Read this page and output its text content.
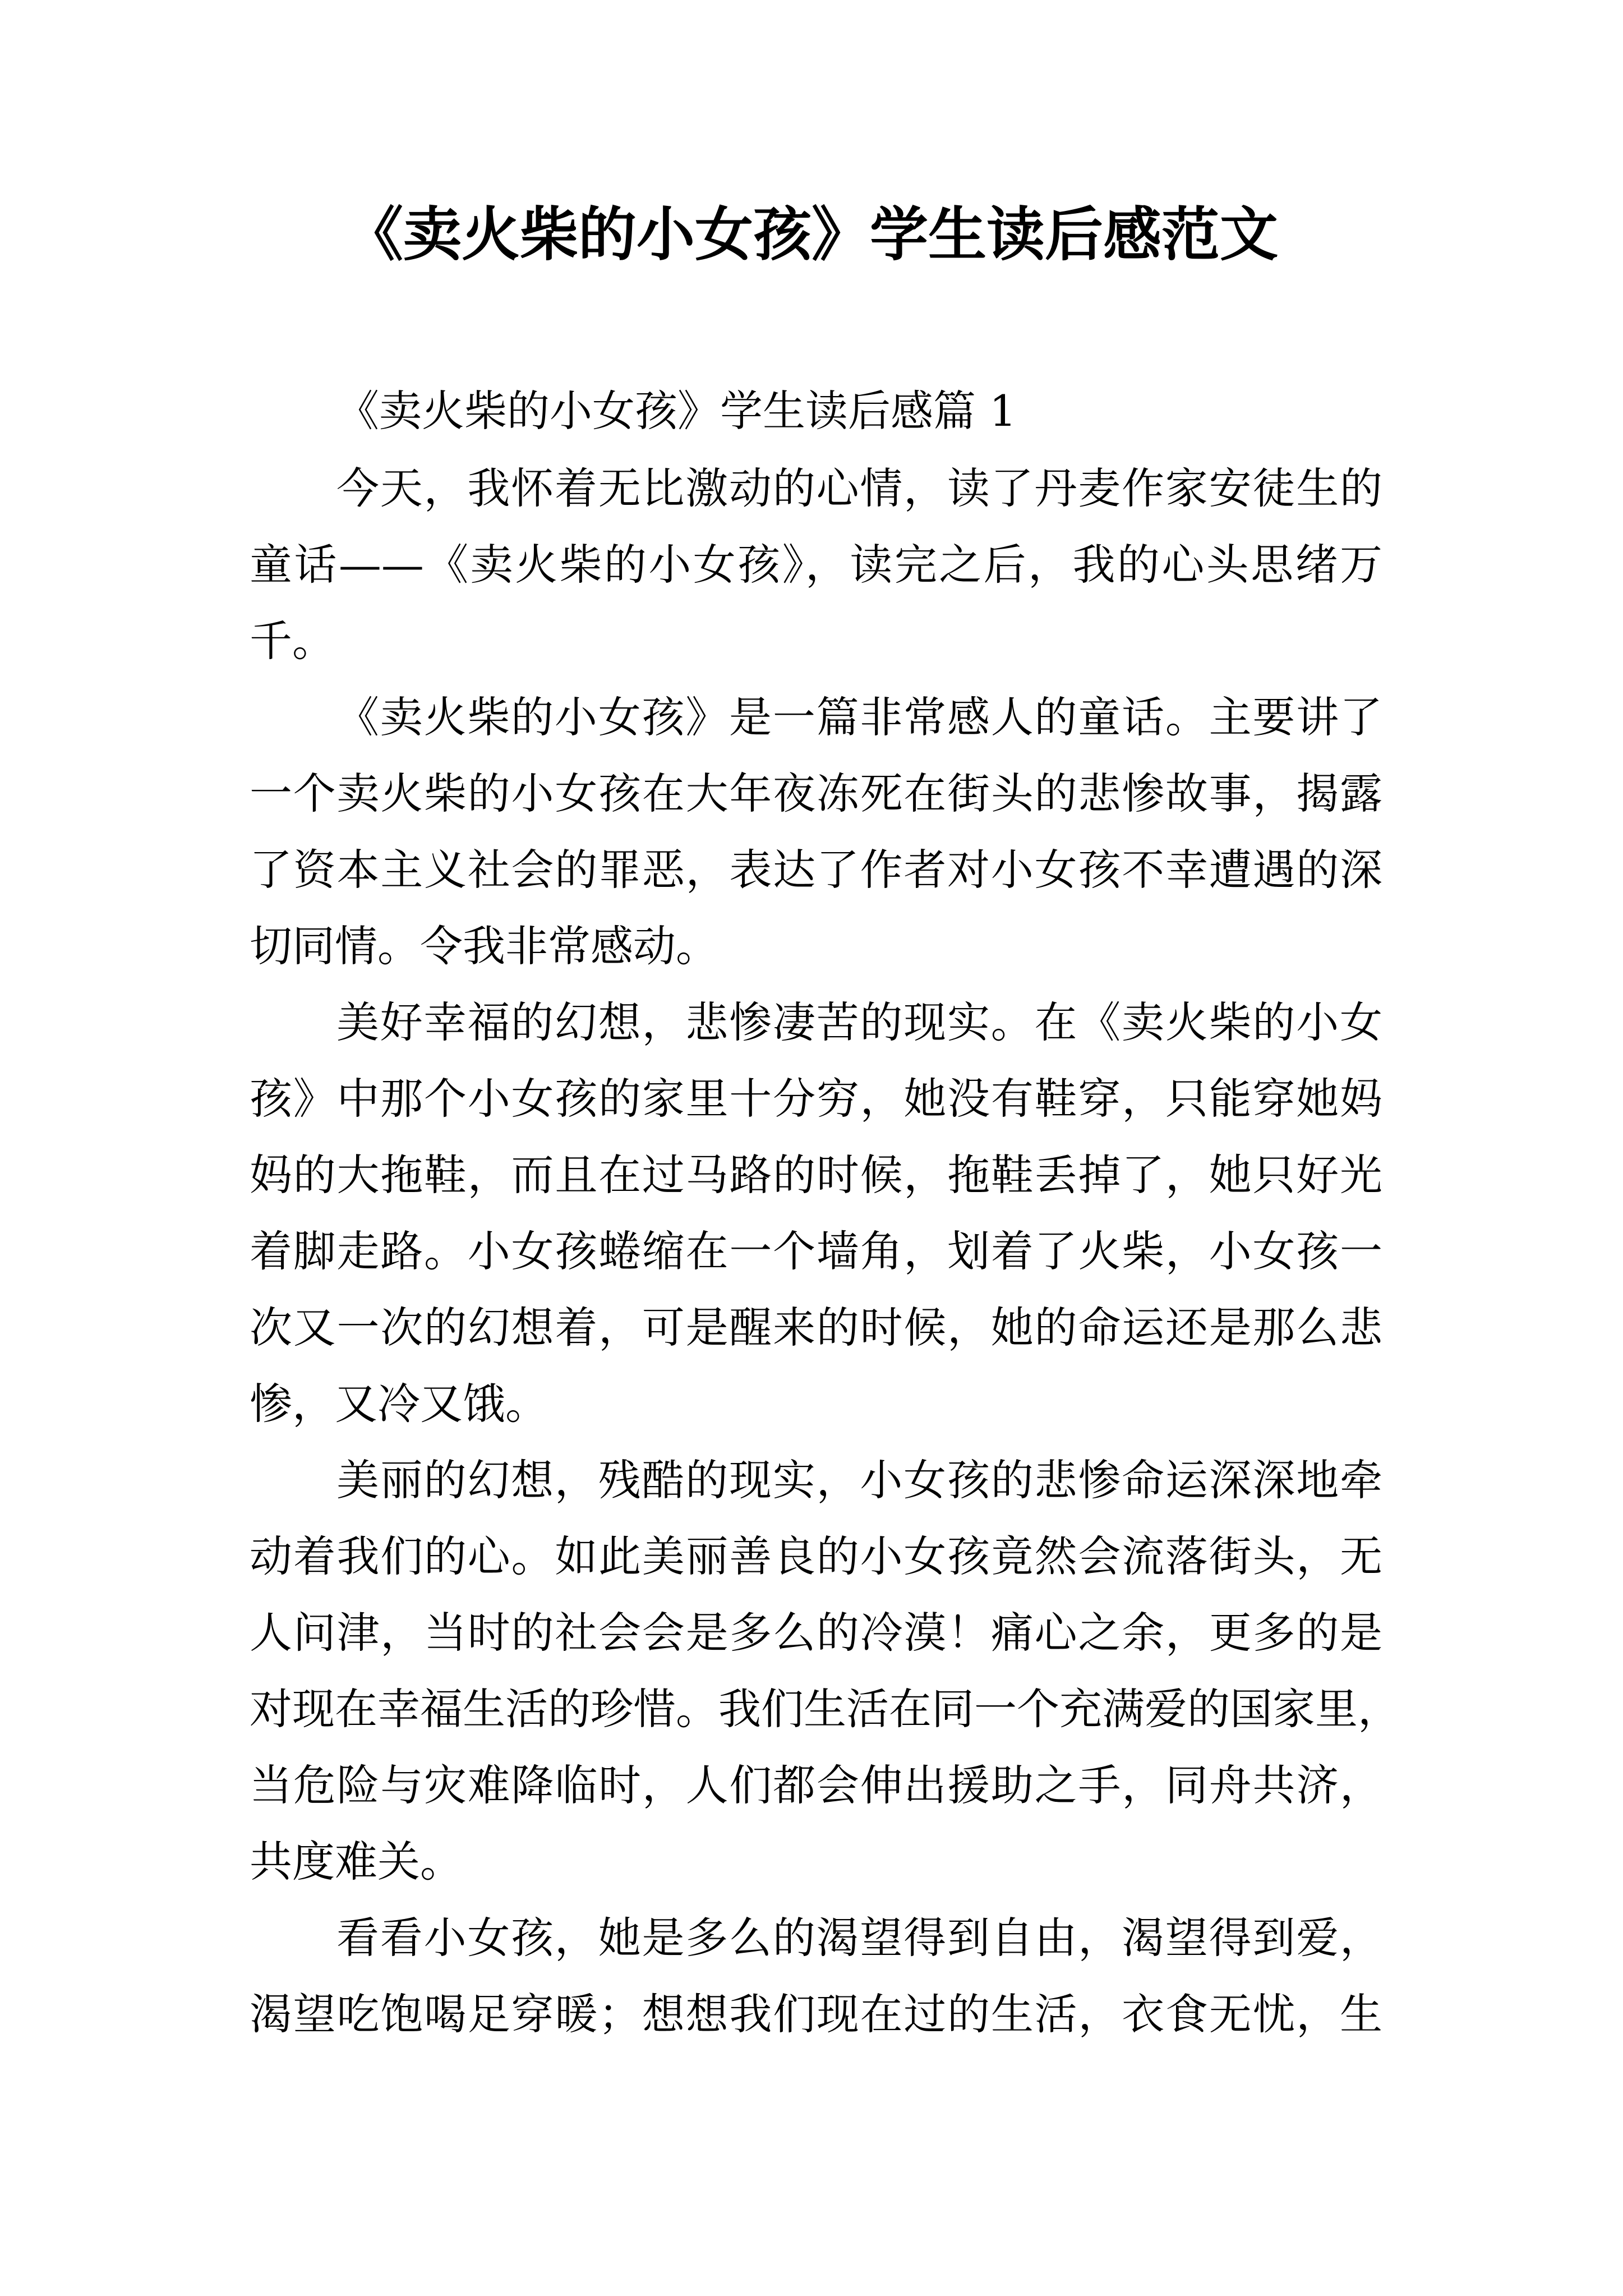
《卖火柴的小女孩》学生读后感范文
《卖火柴的小女孩》学生读后感篇 1
今天，我怀着无比激动的心情，读了丹麦作家安徒生的
童话——《卖火柴的小女孩》，读完之后，我的心头思绪万
千。
《卖火柴的小女孩》是一篇非常感人的童话。主要讲了
一个卖火柴的小女孩在大年夜冻死在街头的悲惨故事，揭露
了资本主义社会的罪恶，表达了作者对小女孩不幸遭遇的深
切同情。令我非常感动。
美好幸福的幻想，悲惨凄苦的现实。在《卖火柴的小女
孩》中那个小女孩的家里十分穷，她没有鞋穿，只能穿她妈
妈的大拖鞋，而且在过马路的时候，拖鞋丢掉了，她只好光
着脚走路。小女孩蜷缩在一个墙角，划着了火柴，小女孩一
次又一次的幻想着，可是醒来的时候，她的命运还是那么悲
惨，又冷又饿。
美丽的幻想，残酷的现实，小女孩的悲惨命运深深地牵
动着我们的心。如此美丽善良的小女孩竟然会流落街头，无
人问津，当时的社会会是多么的冷漠！痛心之余，更多的是
对现在幸福生活的珍惜。我们生活在同一个充满爱的国家里，
当危险与灾难降临时，人们都会伸出援助之手，同舟共济，
共度难关。
看看小女孩，她是多么的渴望得到自由，渴望得到爱，
渴望吃饱喝足穿暖；想想我们现在过的生活，衣食无忧，生
